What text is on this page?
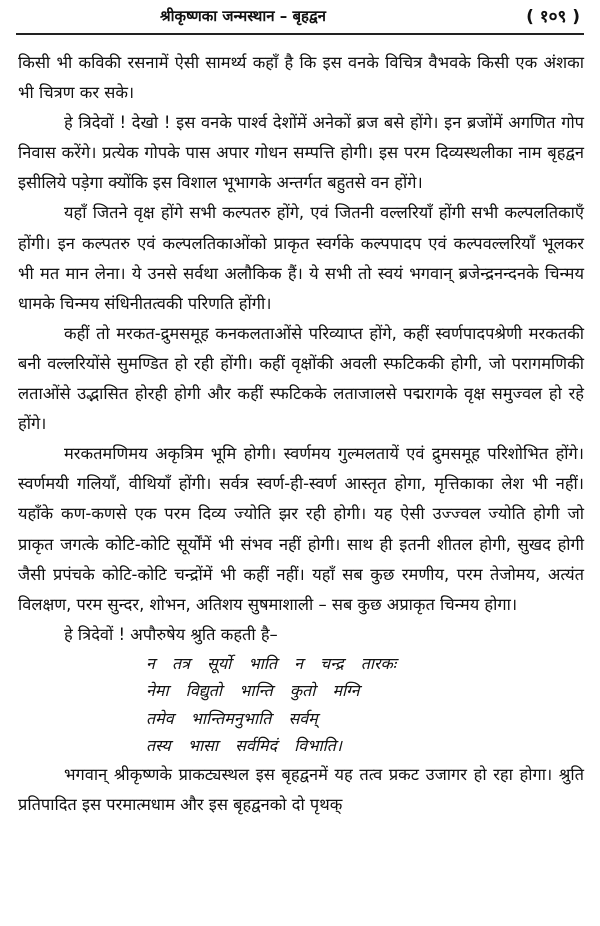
श्रीकृष्णका जन्मस्थान – बृहद्वन	( १०९ )

किसी भी कविकी रसनामें ऐसी सामर्थ्य कहाँ है कि इस वनके विचित्र वैभवके किसी एक अंशका भी चित्रण कर सके।

हे त्रिदेवों ! देखो ! इस वनके पार्श्व देशोंमें अनेकों ब्रज बसे होंगे। इन ब्रजोंमें अगणित गोप निवास करेंगे। प्रत्येक गोपके पास अपार गोधन सम्पत्ति होगी। इस परम दिव्यस्थलीका नाम बृहद्वन इसीलिये पड़ेगा क्योंकि इस विशाल भूभागके अन्तर्गत बहुतसे वन होंगे।

यहाँ जितने वृक्ष होंगे सभी कल्पतरु होंगे, एवं जितनी वल्लरियाँ होंगी सभी कल्पलतिकाएँ होंगी। इन कल्पतरु एवं कल्पलतिकाओंको प्राकृत स्वर्गके कल्पपादप एवं कल्पवल्लरियाँ भूलकर भी मत मान लेना। ये उनसे सर्वथा अलौकिक हैं। ये सभी तो स्वयं भगवान् ब्रजेन्द्रनन्दनके चिन्मय धामके चिन्मय संधिनीतत्वकी परिणति होंगी।

कहीं तो मरकत-द्रुमसमूह कनकलताओंसे परिव्याप्त होंगे, कहीं स्वर्णपादपश्रेणी मरकतकी बनी वल्लरियोंसे सुमण्डित हो रही होंगी। कहीं वृक्षोंकी अवली स्फटिककी होगी, जो परागमणिकी लताओंसे उद्भासित होरही होगी और कहीं स्फटिकके लताजालसे पद्मरागके वृक्ष समुज्वल हो रहे होंगे।

मरकतमणिमय अकृत्रिम भूमि होगी। स्वर्णमय गुल्मलतायें एवं द्रुमसमूह परिशोभित होंगे। स्वर्णमयी गलियाँ, वीथियाँ होंगी। सर्वत्र स्वर्ण-ही-स्वर्ण आस्तृत होगा, मृत्तिकाका लेश भी नहीं। यहाँके कण-कणसे एक परम दिव्य ज्योति झर रही होगी। यह ऐसी उज्ज्वल ज्योति होगी जो प्राकृत जगत्के कोटि-कोटि सूर्योंमें भी संभव नहीं होगी। साथ ही इतनी शीतल होगी, सुखद होगी जैसी प्रपंचके कोटि-कोटि चन्द्रोंमें भी कहीं नहीं। यहाँ सब कुछ रमणीय, परम तेजोमय, अत्यंत विलक्षण, परम सुन्दर, शोभन, अतिशय सुषमाशाली – सब कुछ अप्राकृत चिन्मय होगा।

हे त्रिदेवों ! अपौरुषेय श्रुति कहती है–

न तत्र सूर्यो भाति न चन्द्र तारकः
नेमा विद्युतो भान्ति कुतो मग्नि
तमेव भान्तिमनुभाति सर्वम्
तस्य भासा सर्वमिदं विभाति।

भगवान् श्रीकृष्णके प्राकट्यस्थल इस बृहद्वनमें यह तत्व प्रकट उजागर हो रहा होगा। श्रुति प्रतिपादित इस परमात्मधाम और इस बृहद्वनको दो पृथक्
